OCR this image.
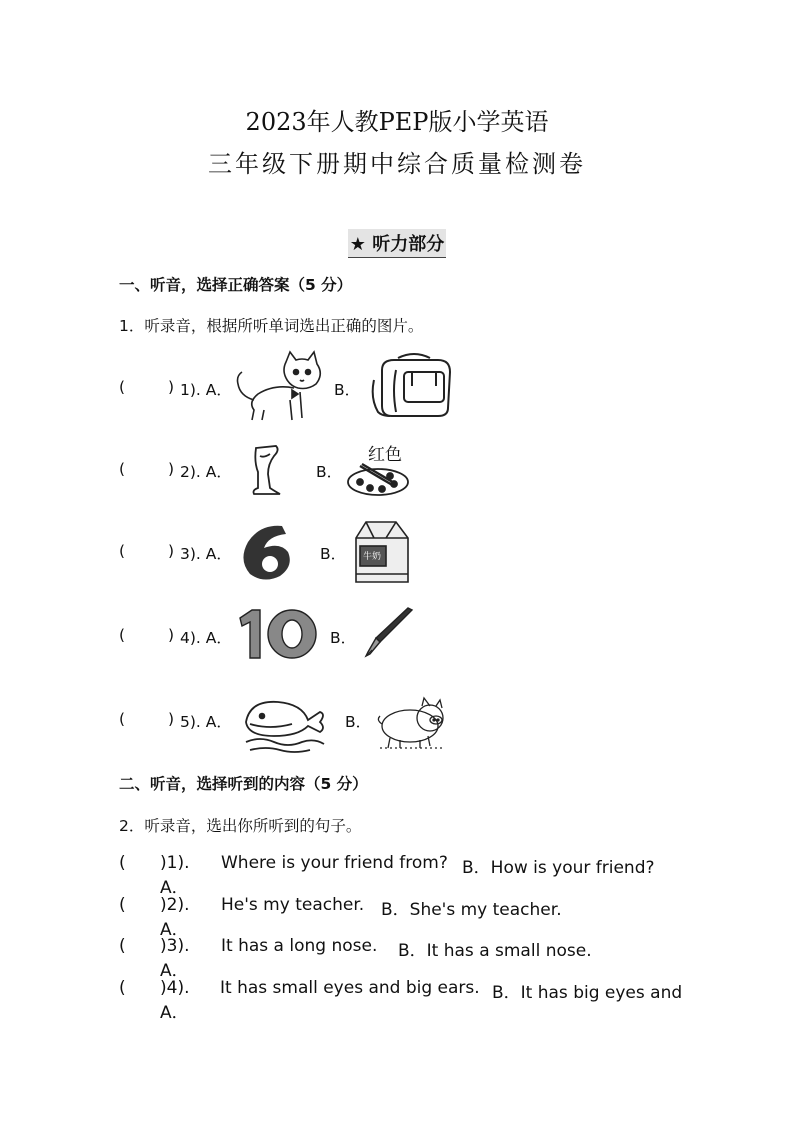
2023年人教PEP版小学英语
三年级下册期中综合质量检测卷
★ 听力部分
一、听音，选择正确答案（5 分）
1．听录音，根据所听单词选出正确的图片。
(	) 1). A．	B．
(	) 2). A．	B．
红色
(	) 3). A．	B． 牛奶
(	) 4). A．	B．
(	) 5). A．	B．
二、听音，选择听到的内容（5 分）
2．听录音，选出你所听到的句子。
( )1). A．
Where is your friend from? B．How is your friend?
( )2). A．
He's my teacher. B．She's my teacher.
( )3). A．
It has a long nose. B．It has a small nose.
( )4). A．
It has small eyes and big ears. B．It has big eyes and
